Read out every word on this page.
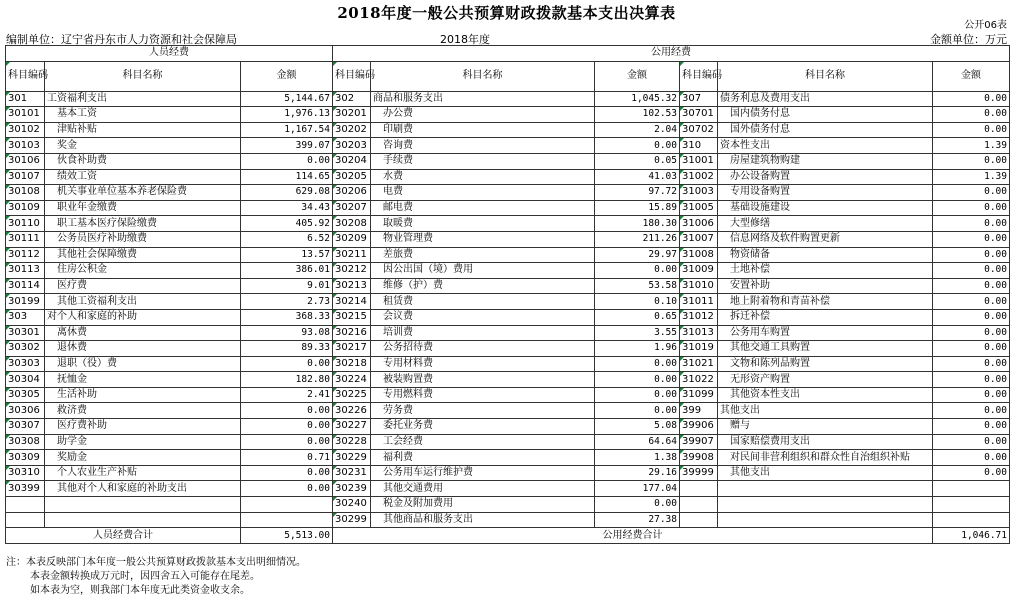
2018年度一般公共预算财政拨款基本支出决算表
公开06表
编制单位：辽宁省丹东市人力资源和社会保障局	2018年度	金额单位：万元
人员经费			公用经费					
科目编码	科目名称	金额	科目编码	科目名称	金额	科目编码	科目名称	金额
301	工资福利支出	5,144.67	302	商品和服务支出	1,045.32	307	债务利息及费用支出	0.00
30101	基本工资	1,976.13	30201	办公费	102.53	30701	国内债务付息	0.00
30102	津贴补贴	1,167.54	30202	印刷费	2.04	30702	国外债务付息	0.00
30103	奖金	399.07	30203	咨询费	0.00	310	资本性支出	1.39
30106	伙食补助费	0.00	30204	手续费	0.05	31001	房屋建筑物购建	0.00
30107	绩效工资	114.65	30205	水费	41.03	31002	办公设备购置	1.39
30108	机关事业单位基本养老保险费	629.08	30206	电费	97.72	31003	专用设备购置	0.00
30109	职业年金缴费	34.43	30207	邮电费	15.89	31005	基础设施建设	0.00
30110	职工基本医疗保险缴费	405.92	30208	取暖费	180.30	31006	大型修缮	0.00
30111	公务员医疗补助缴费	6.52	30209	物业管理费	211.26	31007	信息网络及软件购置更新	0.00
30112	其他社会保障缴费	13.57	30211	差旅费	29.97	31008	物资储备	0.00
30113	住房公积金	386.01	30212	因公出国（境）费用	0.00	31009	土地补偿	0.00
30114	医疗费	9.01	30213	维修（护）费	53.58	31010	安置补助	0.00
30199	其他工资福利支出	2.73	30214	租赁费	0.10	31011	地上附着物和青苗补偿	0.00
303	对个人和家庭的补助	368.33	30215	会议费	0.65	31012	拆迁补偿	0.00
30301	离休费	93.08	30216	培训费	3.55	31013	公务用车购置	0.00
30302	退休费	89.33	30217	公务招待费	1.96	31019	其他交通工具购置	0.00
30303	退职（役）费	0.00	30218	专用材料费	0.00	31021	文物和陈列品购置	0.00
30304	抚恤金	182.80	30224	被装购置费	0.00	31022	无形资产购置	0.00
30305	生活补助	2.41	30225	专用燃料费	0.00	31099	其他资本性支出	0.00
30306	救济费	0.00	30226	劳务费	0.00	399	其他支出	0.00
30307	医疗费补助	0.00	30227	委托业务费	5.08	39906	赠与	0.00
30308	助学金	0.00	30228	工会经费	64.64	39907	国家赔偿费用支出	0.00
30309	奖励金	0.71	30229	福利费	1.38	39908	对民间非营利组织和群众性自治组织补贴	0.00
30310	个人农业生产补贴	0.00	30231	公务用车运行维护费	29.16	39999	其他支出	0.00
30399	其他对个人和家庭的补助支出	0.00	30239	其他交通费用	177.04			
			30240	税金及附加费用	0.00			
			30299	其他商品和服务支出	27.38			
人员经费合计		5,513.00	公用经费合计					1,046.71
注：本表反映部门本年度一般公共预算财政拨款基本支出明细情况。
本表金额转换成万元时，因四舍五入可能存在尾差。
如本表为空，则我部门本年度无此类资金收支余。
